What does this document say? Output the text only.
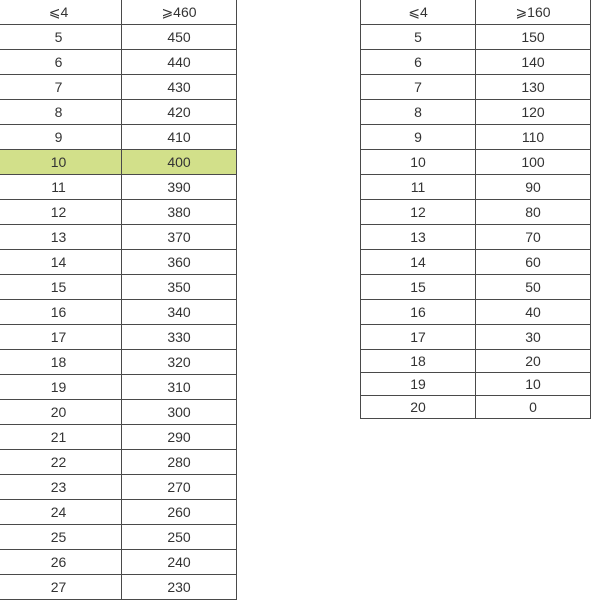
⩽4	⩾460
5	450
6	440
7	430
8	420
9	410
10	400
11	390
12	380
13	370
14	360
15	350
16	340
17	330
18	320
19	310
20	300
21	290
22	280
23	270
24	260
25	250
26	240
27	230
⩽4	⩾160
5	150
6	140
7	130
8	120
9	110
10	100
11	90
12	80
13	70
14	60
15	50
16	40
17	30
18	20
19	10
20	0
